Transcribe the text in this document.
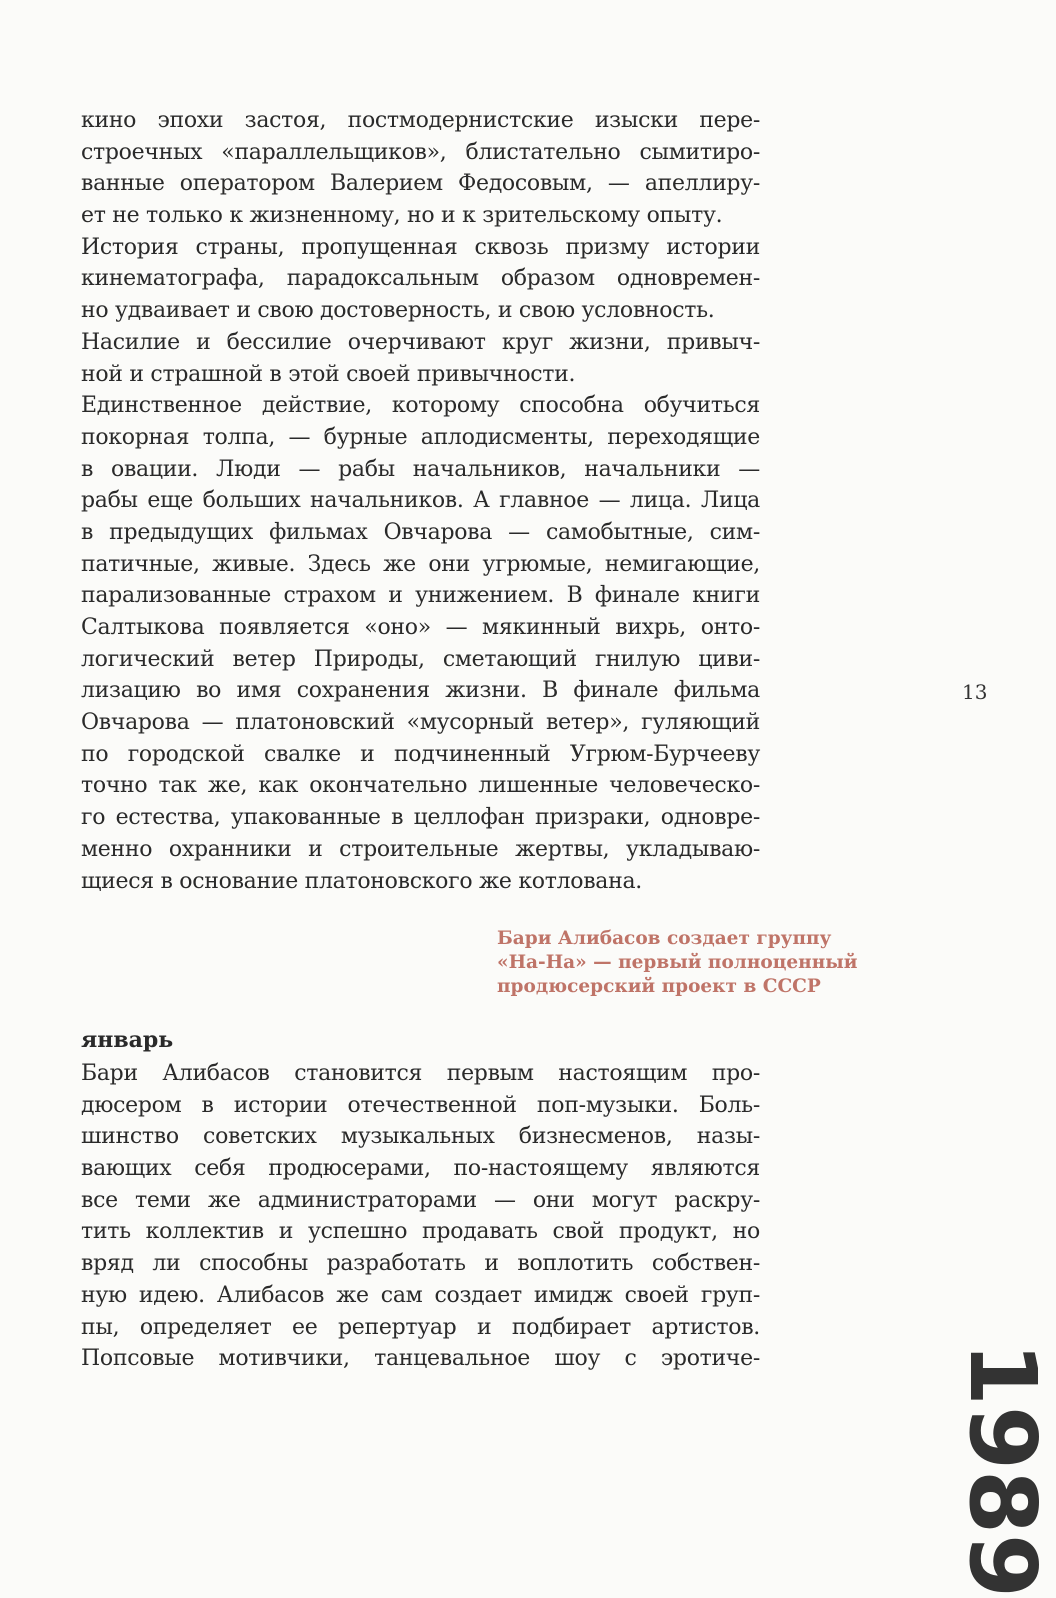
кино эпохи застоя, постмодернистские изыски пере-
строечных «параллельщиков», блистательно сымитиро-
ванные оператором Валерием Федосовым, — апеллиру-
ет не только к жизненному, но и к зрительскому опыту.
История страны, пропущенная сквозь призму истории
кинематографа, парадоксальным образом одновремен-
но удваивает и свою достоверность, и свою условность.
Насилие и бессилие очерчивают круг жизни, привыч-
ной и страшной в этой своей привычности.
Единственное действие, которому способна обучиться
покорная толпа, — бурные аплодисменты, переходящие
в овации. Люди — рабы начальников, начальники —
рабы еще больших начальников. А главное — лица. Лица
в предыдущих фильмах Овчарова — самобытные, сим-
патичные, живые. Здесь же они угрюмые, немигающие,
парализованные страхом и унижением. В финале книги
Салтыкова появляется «оно» — мякинный вихрь, онто-
логический ветер Природы, сметающий гнилую циви-
лизацию во имя сохранения жизни. В финале фильма
Овчарова — платоновский «мусорный ветер», гуляющий
по городской свалке и подчиненный Угрюм-Бурчееву
точно так же, как окончательно лишенные человеческо-
го естества, упакованные в целлофан призраки, одновре-
менно охранники и строительные жертвы, укладываю-
щиеся в основание платоновского же котлована.
Бари Алибасов создает группу
«На-На» — первый полноценный
продюсерский проект в СССР
январь
Бари Алибасов становится первым настоящим про-
дюсером в истории отечественной поп-музыки. Боль-
шинство советских музыкальных бизнесменов, назы-
вающих себя продюсерами, по-настоящему являются
все теми же администраторами — они могут раскру-
тить коллектив и успешно продавать свой продукт, но
вряд ли способны разработать и воплотить собствен-
ную идею. Алибасов же сам создает имидж своей груп-
пы, определяет ее репертуар и подбирает артистов.
Попсовые мотивчики, танцевальное шоу с эротиче-
13
1989
